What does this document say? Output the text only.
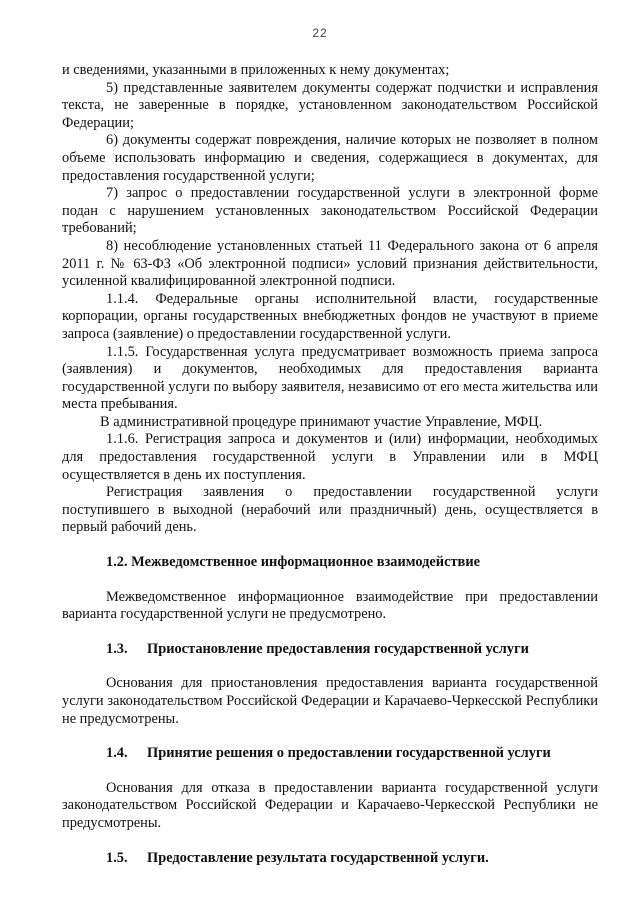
22

и сведениями, указанными в приложенных к нему документах;

5) представленные заявителем документы содержат подчистки и исправления текста, не заверенные в порядке, установленном законодательством Российской Федерации;

6) документы содержат повреждения, наличие которых не позволяет в полном объеме использовать информацию и сведения, содержащиеся в документах, для предоставления государственной услуги;

7) запрос о предоставлении государственной услуги в электронной форме подан с нарушением установленных законодательством Российской Федерации требований;

8) несоблюдение установленных статьей 11 Федерального закона от 6 апреля 2011 г. № 63-ФЗ «Об электронной подписи» условий признания действительности, усиленной квалифицированной электронной подписи.

1.1.4. Федеральные органы исполнительной власти, государственные корпорации, органы государственных внебюджетных фондов не участвуют в приеме запроса (заявление) о предоставлении государственной услуги.

1.1.5. Государственная услуга предусматривает возможность приема запроса (заявления) и документов, необходимых для предоставления варианта государственной услуги по выбору заявителя, независимо от его места жительства или места пребывания.

В административной процедуре принимают участие Управление, МФЦ.

1.1.6. Регистрация запроса и документов и (или) информации, необходимых для предоставления государственной услуги в Управлении или в МФЦ осуществляется в день их поступления.

Регистрация заявления о предоставлении государственной услуги поступившего в выходной (нерабочий или праздничный) день, осуществляется в первый рабочий день.

1.2. Межведомственное информационное взаимодействие

Межведомственное информационное взаимодействие при предоставлении варианта государственной услуги не предусмотрено.

1.3. Приостановление предоставления государственной услуги

Основания для приостановления предоставления варианта государственной услуги законодательством Российской Федерации и Карачаево-Черкесской Республики не предусмотрены.

1.4. Принятие решения о предоставлении государственной услуги

Основания для отказа в предоставлении варианта государственной услуги законодательством Российской Федерации и Карачаево-Черкесской Республики не предусмотрены.

1.5. Предоставление результата государственной услуги.
